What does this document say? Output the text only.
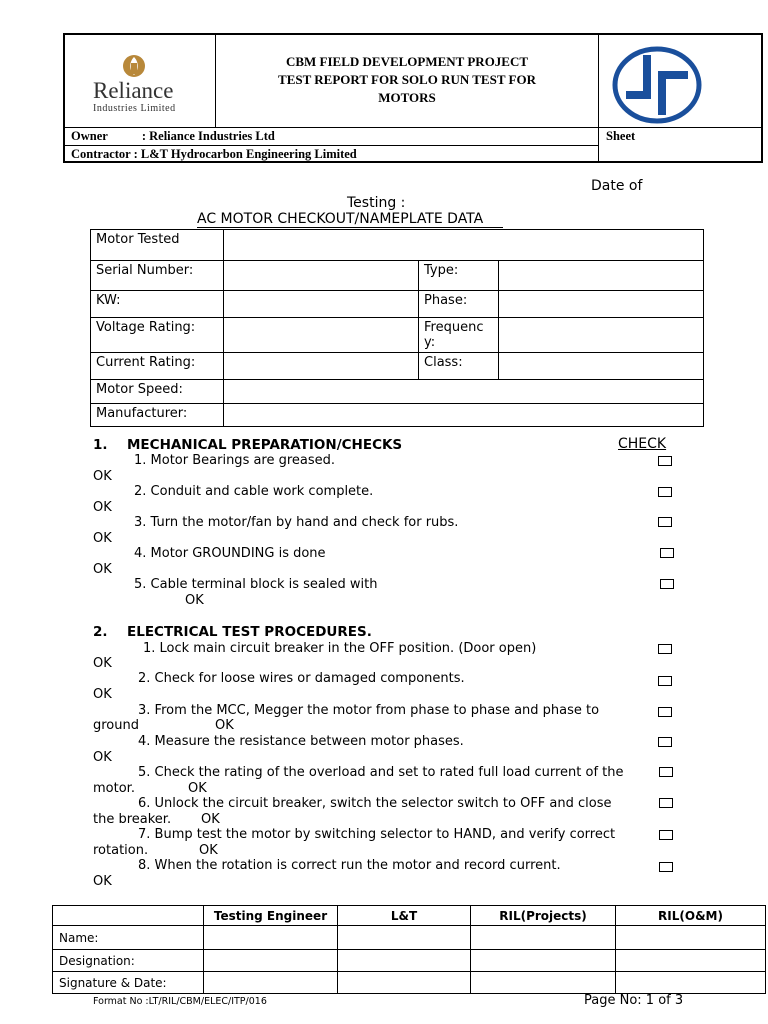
CBM FIELD DEVELOPMENT PROJECT
TEST REPORT FOR SOLO RUN TEST FOR
MOTORS
Owner	: Reliance Industries Ltd
Contractor : L&T Hydrocarbon Engineering Limited
Sheet
Reliance
Industries Limited
Date of
Testing :
AC MOTOR CHECKOUT/NAMEPLATE DATA
Motor Tested			
Serial Number:		Type:	
KW:		Phase:	
Voltage Rating:		Frequenc
y:	

Current Rating:		Class:	
Motor Speed:			
Manufacturer:			
1. MECHANICAL PREPARATION/CHECKS	CHECK
1. Motor Bearings are greased.
OK
2. Conduit and cable work complete.
OK
3. Turn the motor/fan by hand and check for rubs.
OK
4. Motor GROUNDING is done
OK
5. Cable terminal block is sealed with
OK
2. ELECTRICAL TEST PROCEDURES.
1. Lock main circuit breaker in the OFF position. (Door open)
OK
2. Check for loose wires or damaged components.
OK
3. From the MCC, Megger the motor from phase to phase and phase to
ground	OK
4. Measure the resistance between motor phases.
OK
5. Check the rating of the overload and set to rated full load current of the
motor.	OK
6. Unlock the circuit breaker, switch the selector switch to OFF and close
the breaker. OK
7. Bump test the motor by switching selector to HAND, and verify correct
rotation.	OK
8. When the rotation is correct run the motor and record current.
OK
	Testing Engineer	L&T	RIL(Projects)	RIL(O&M)
Name:				
Designation:				
Signature & Date:				
Format No :LT/RIL/CBM/ELEC/ITP/016	Page No: 1 of 3
